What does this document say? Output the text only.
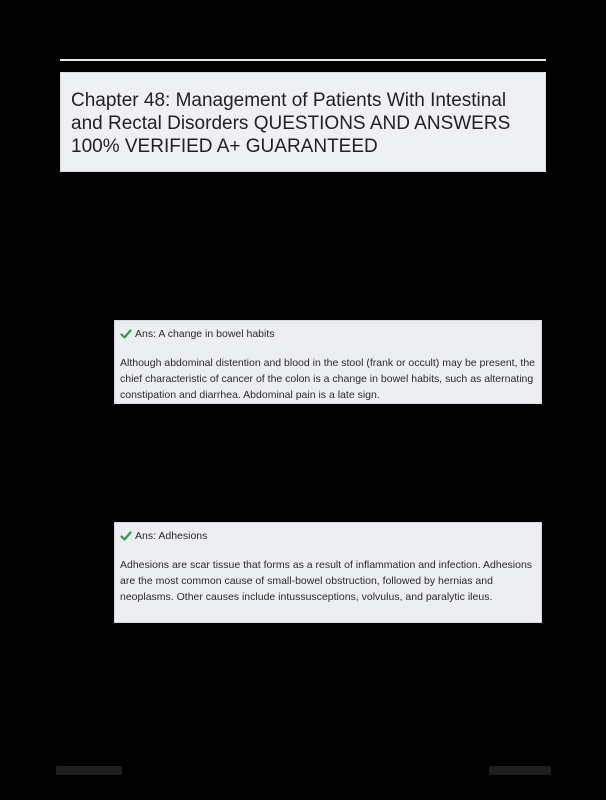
Chapter 48: Management of Patients With Intestinal and Rectal Disorders QUESTIONS AND ANSWERS 100% VERIFIED A+ GUARANTEED
Ans: A change in bowel habits
Although abdominal distention and blood in the stool (frank or occult) may be present, the chief characteristic of cancer of the colon is a change in bowel habits, such as alternating constipation and diarrhea. Abdominal pain is a late sign.
Ans: Adhesions
Adhesions are scar tissue that forms as a result of inflammation and infection. Adhesions are the most common cause of small-bowel obstruction, followed by hernias and neoplasms. Other causes include intussusceptions, volvulus, and paralytic ileus.
